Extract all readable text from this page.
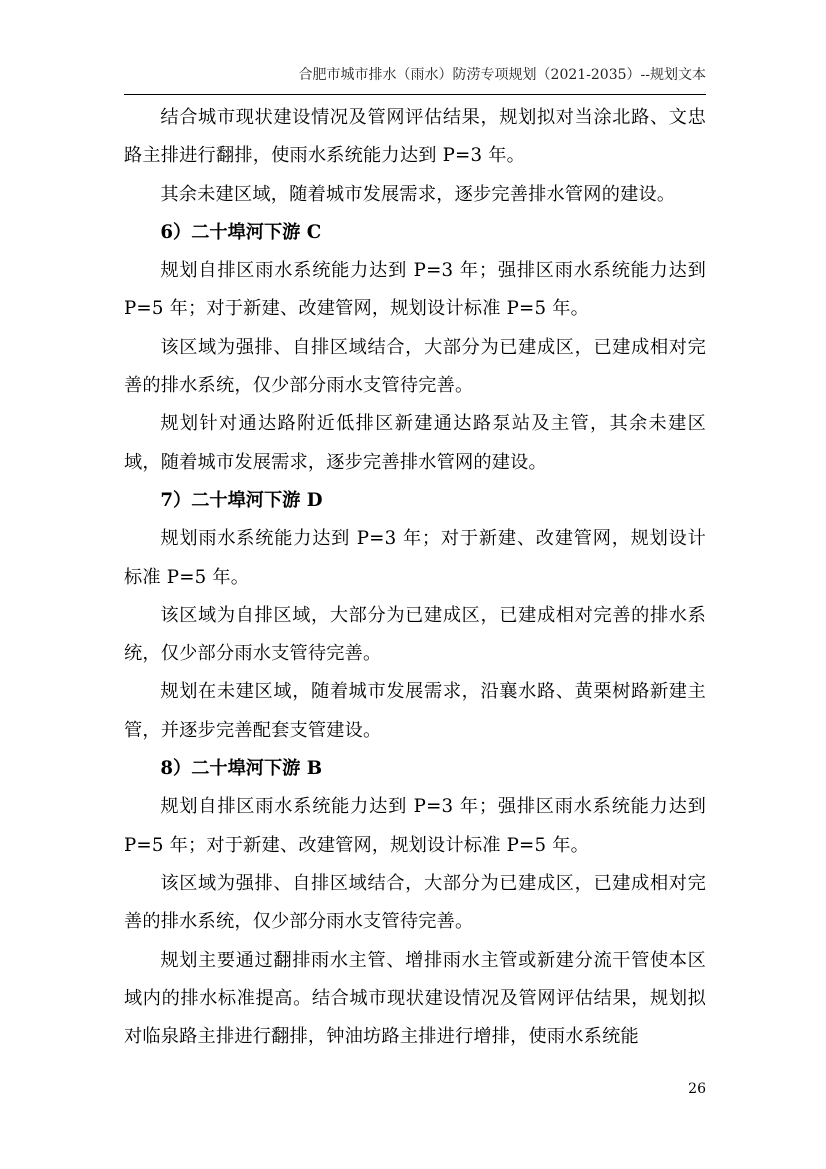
合肥市城市排水（雨水）防涝专项规划（2021-2035）--规划文本

结合城市现状建设情况及管网评估结果，规划拟对当涂北路、文忠路主排进行翻排，使雨水系统能力达到 P=3 年。

其余未建区域，随着城市发展需求，逐步完善排水管网的建设。

6）二十埠河下游 C

规划自排区雨水系统能力达到 P=3 年；强排区雨水系统能力达到 P=5 年；对于新建、改建管网，规划设计标准 P=5 年。

该区域为强排、自排区域结合，大部分为已建成区，已建成相对完善的排水系统，仅少部分雨水支管待完善。

规划针对通达路附近低排区新建通达路泵站及主管，其余未建区域，随着城市发展需求，逐步完善排水管网的建设。

7）二十埠河下游 D

规划雨水系统能力达到 P=3 年；对于新建、改建管网，规划设计标准 P=5 年。

该区域为自排区域，大部分为已建成区，已建成相对完善的排水系统，仅少部分雨水支管待完善。

规划在未建区域，随着城市发展需求，沿襄水路、黄栗树路新建主管，并逐步完善配套支管建设。

8）二十埠河下游 B

规划自排区雨水系统能力达到 P=3 年；强排区雨水系统能力达到 P=5 年；对于新建、改建管网，规划设计标准 P=5 年。

该区域为强排、自排区域结合，大部分为已建成区，已建成相对完善的排水系统，仅少部分雨水支管待完善。

规划主要通过翻排雨水主管、增排雨水主管或新建分流干管使本区域内的排水标准提高。结合城市现状建设情况及管网评估结果，规划拟对临泉路主排进行翻排，钟油坊路主排进行增排，使雨水系统能

26
